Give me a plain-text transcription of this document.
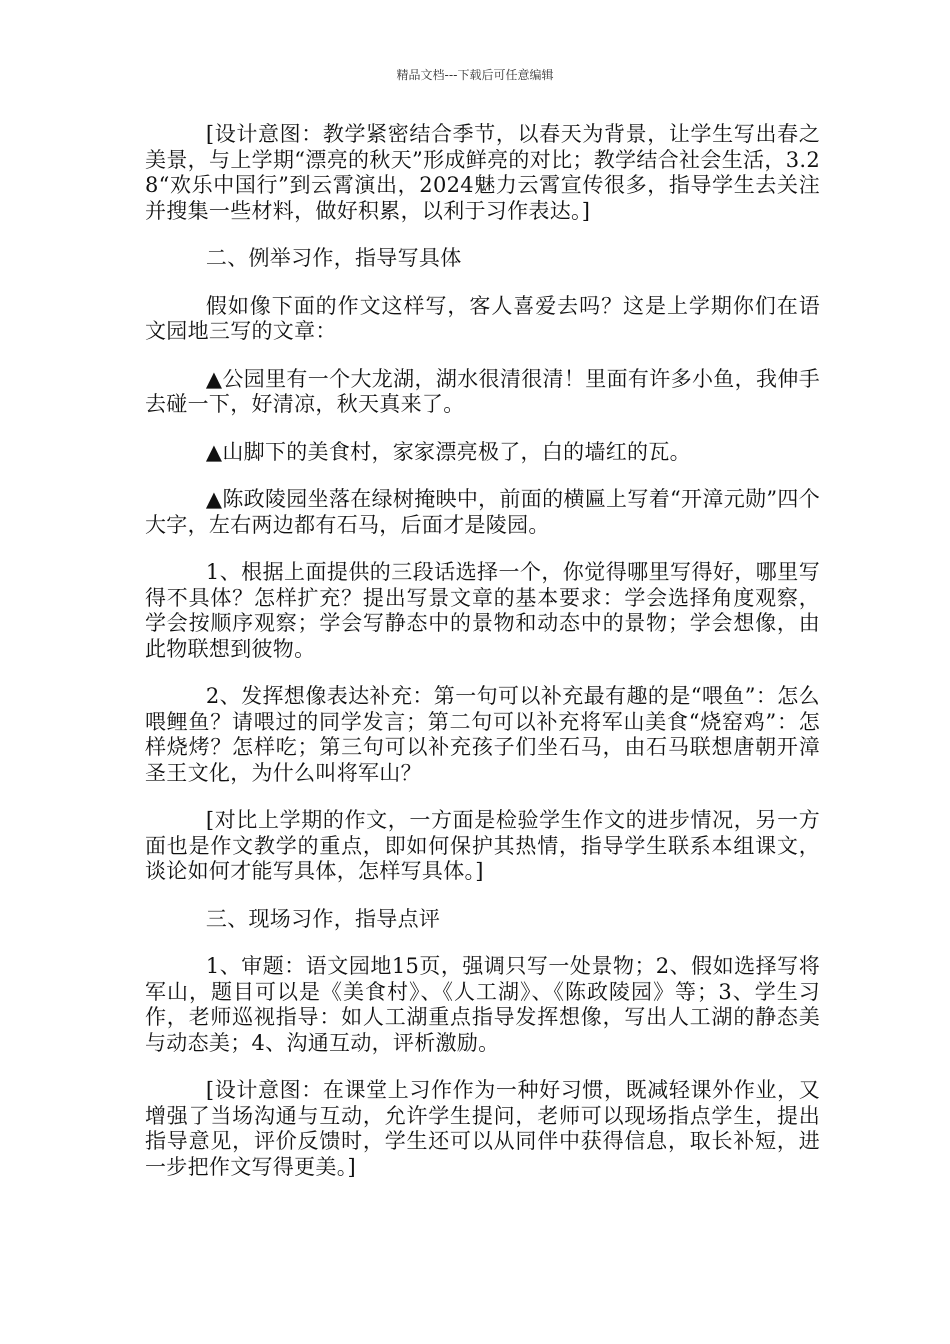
精品文档---下载后可任意编辑

[设计意图：教学紧密结合季节，以春天为背景，让学生写出春之美景，与上学期“漂亮的秋天”形成鲜亮的对比；教学结合社会生活，3.28“欢乐中国行”到云霄演出，2024魅力云霄宣传很多，指导学生去关注并搜集一些材料，做好积累，以利于习作表达。]

二、例举习作，指导写具体

假如像下面的作文这样写，客人喜爱去吗？这是上学期你们在语文园地三写的文章：

▲公园里有一个大龙湖，湖水很清很清！里面有许多小鱼，我伸手去碰一下，好清凉，秋天真来了。

▲山脚下的美食村，家家漂亮极了，白的墙红的瓦。

▲陈政陵园坐落在绿树掩映中，前面的横匾上写着“开漳元勋”四个大字，左右两边都有石马，后面才是陵园。

1、根据上面提供的三段话选择一个，你觉得哪里写得好，哪里写得不具体？怎样扩充？提出写景文章的基本要求：学会选择角度观察，学会按顺序观察；学会写静态中的景物和动态中的景物；学会想像，由此物联想到彼物。

2、发挥想像表达补充：第一句可以补充最有趣的是“喂鱼”：怎么喂鲤鱼？请喂过的同学发言；第二句可以补充将军山美食“烧窑鸡”：怎样烧烤？怎样吃；第三句可以补充孩子们坐石马，由石马联想唐朝开漳圣王文化，为什么叫将军山？

[对比上学期的作文，一方面是检验学生作文的进步情况，另一方面也是作文教学的重点，即如何保护其热情，指导学生联系本组课文，谈论如何才能写具体，怎样写具体。]

三、现场习作，指导点评

1、审题：语文园地15页，强调只写一处景物；2、假如选择写将军山，题目可以是《美食村》、《人工湖》、《陈政陵园》等；3、学生习作，老师巡视指导：如人工湖重点指导发挥想像，写出人工湖的静态美与动态美；4、沟通互动，评析激励。

[设计意图：在课堂上习作作为一种好习惯，既减轻课外作业，又增强了当场沟通与互动，允许学生提问，老师可以现场指点学生，提出指导意见，评价反馈时，学生还可以从同伴中获得信息，取长补短，进一步把作文写得更美。]
